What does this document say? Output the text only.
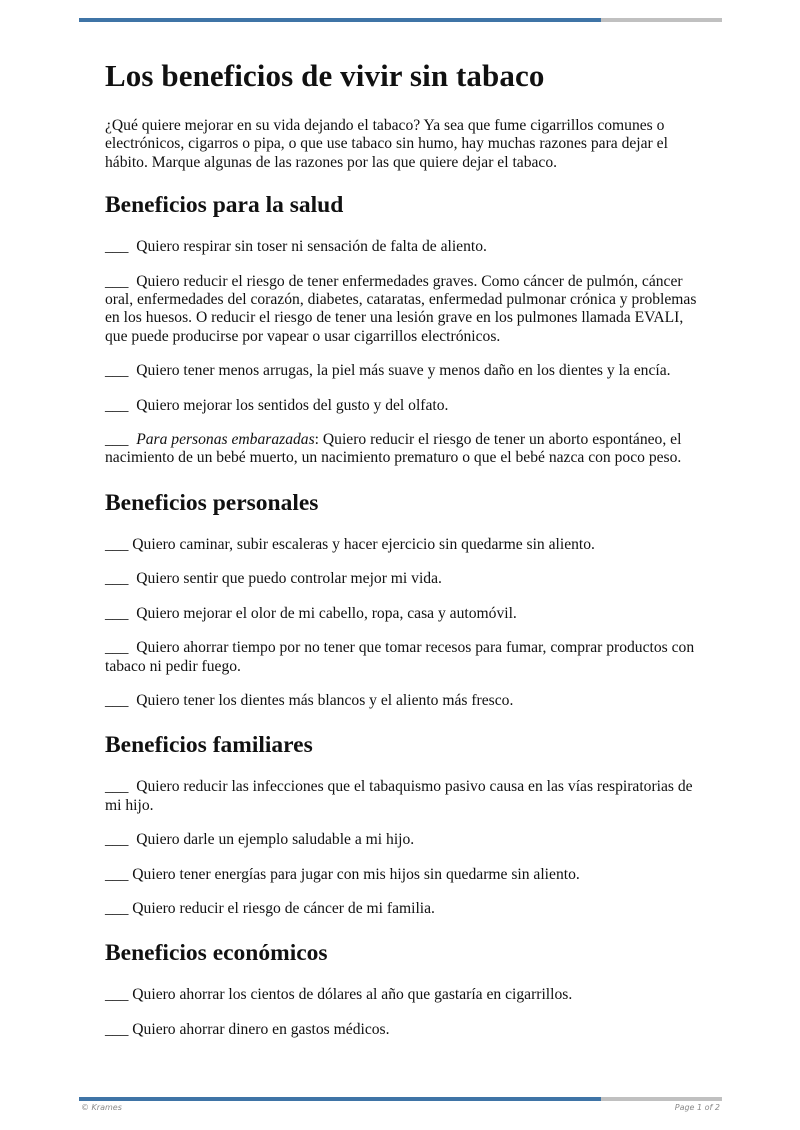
Los beneficios de vivir sin tabaco

¿Qué quiere mejorar en su vida dejando el tabaco? Ya sea que fume cigarrillos comunes o electrónicos, cigarros o pipa, o que use tabaco sin humo, hay muchas razones para dejar el hábito. Marque algunas de las razones por las que quiere dejar el tabaco.

Beneficios para la salud

___ Quiero respirar sin toser ni sensación de falta de aliento.

___ Quiero reducir el riesgo de tener enfermedades graves. Como cáncer de pulmón, cáncer oral, enfermedades del corazón, diabetes, cataratas, enfermedad pulmonar crónica y problemas en los huesos. O reducir el riesgo de tener una lesión grave en los pulmones llamada EVALI, que puede producirse por vapear o usar cigarrillos electrónicos.

___ Quiero tener menos arrugas, la piel más suave y menos daño en los dientes y la encía.

___ Quiero mejorar los sentidos del gusto y del olfato.

___ Para personas embarazadas: Quiero reducir el riesgo de tener un aborto espontáneo, el nacimiento de un bebé muerto, un nacimiento prematuro o que el bebé nazca con poco peso.

Beneficios personales

___ Quiero caminar, subir escaleras y hacer ejercicio sin quedarme sin aliento.

___ Quiero sentir que puedo controlar mejor mi vida.

___ Quiero mejorar el olor de mi cabello, ropa, casa y automóvil.

___ Quiero ahorrar tiempo por no tener que tomar recesos para fumar, comprar productos con tabaco ni pedir fuego.

___ Quiero tener los dientes más blancos y el aliento más fresco.

Beneficios familiares

___ Quiero reducir las infecciones que el tabaquismo pasivo causa en las vías respiratorias de mi hijo.

___ Quiero darle un ejemplo saludable a mi hijo.

___ Quiero tener energías para jugar con mis hijos sin quedarme sin aliento.

___ Quiero reducir el riesgo de cáncer de mi familia.

Beneficios económicos

___ Quiero ahorrar los cientos de dólares al año que gastaría en cigarrillos.

___ Quiero ahorrar dinero en gastos médicos.

© Krames	Page 1 of 2
